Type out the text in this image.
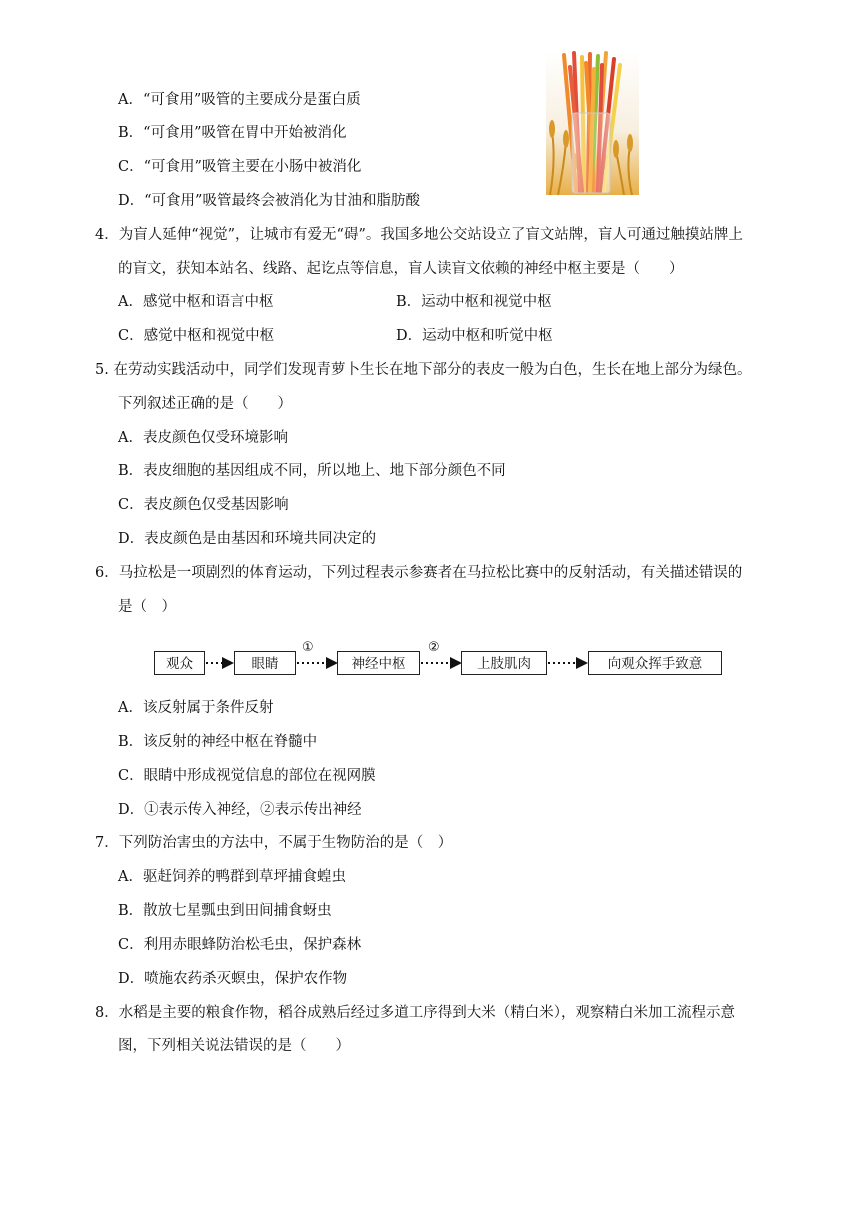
A．“可食用”吸管的主要成分是蛋白质
B．“可食用”吸管在胃中开始被消化
C．“可食用”吸管主要在小肠中被消化
D．“可食用”吸管最终会被消化为甘油和脂肪酸
4．为盲人延伸“视觉”，让城市有爱无“碍”。我国多地公交站设立了盲文站牌，盲人可通过触摸站牌上
的盲文，获知本站名、线路、起讫点等信息，盲人读盲文依赖的神经中枢主要是（　　）
A．感觉中枢和语言中枢	B．运动中枢和视觉中枢
C．感觉中枢和视觉中枢	D．运动中枢和听觉中枢
5. 在劳动实践活动中，同学们发现青萝卜生长在地下部分的表皮一般为白色，生长在地上部分为绿色。
下列叙述正确的是（　　）
A．表皮颜色仅受环境影响
B．表皮细胞的基因组成不同，所以地上、地下部分颜色不同
C．表皮颜色仅受基因影响
D．表皮颜色是由基因和环境共同决定的
6．马拉松是一项剧烈的体育运动，下列过程表示参赛者在马拉松比赛中的反射活动，有关描述错误的
是（　）
观众	眼睛	神经中枢	上肢肌肉	向观众挥手致意
①	②
A．该反射属于条件反射
B．该反射的神经中枢在脊髓中
C．眼睛中形成视觉信息的部位在视网膜
D．①表示传入神经，②表示传出神经
7．下列防治害虫的方法中，不属于生物防治的是（　）
A．驱赶饲养的鸭群到草坪捕食蝗虫
B．散放七星瓢虫到田间捕食蚜虫
C．利用赤眼蜂防治松毛虫，保护森林
D．喷施农药杀灭螟虫，保护农作物
8．水稻是主要的粮食作物，稻谷成熟后经过多道工序得到大米（精白米），观察精白米加工流程示意
图，下列相关说法错误的是（　　）
